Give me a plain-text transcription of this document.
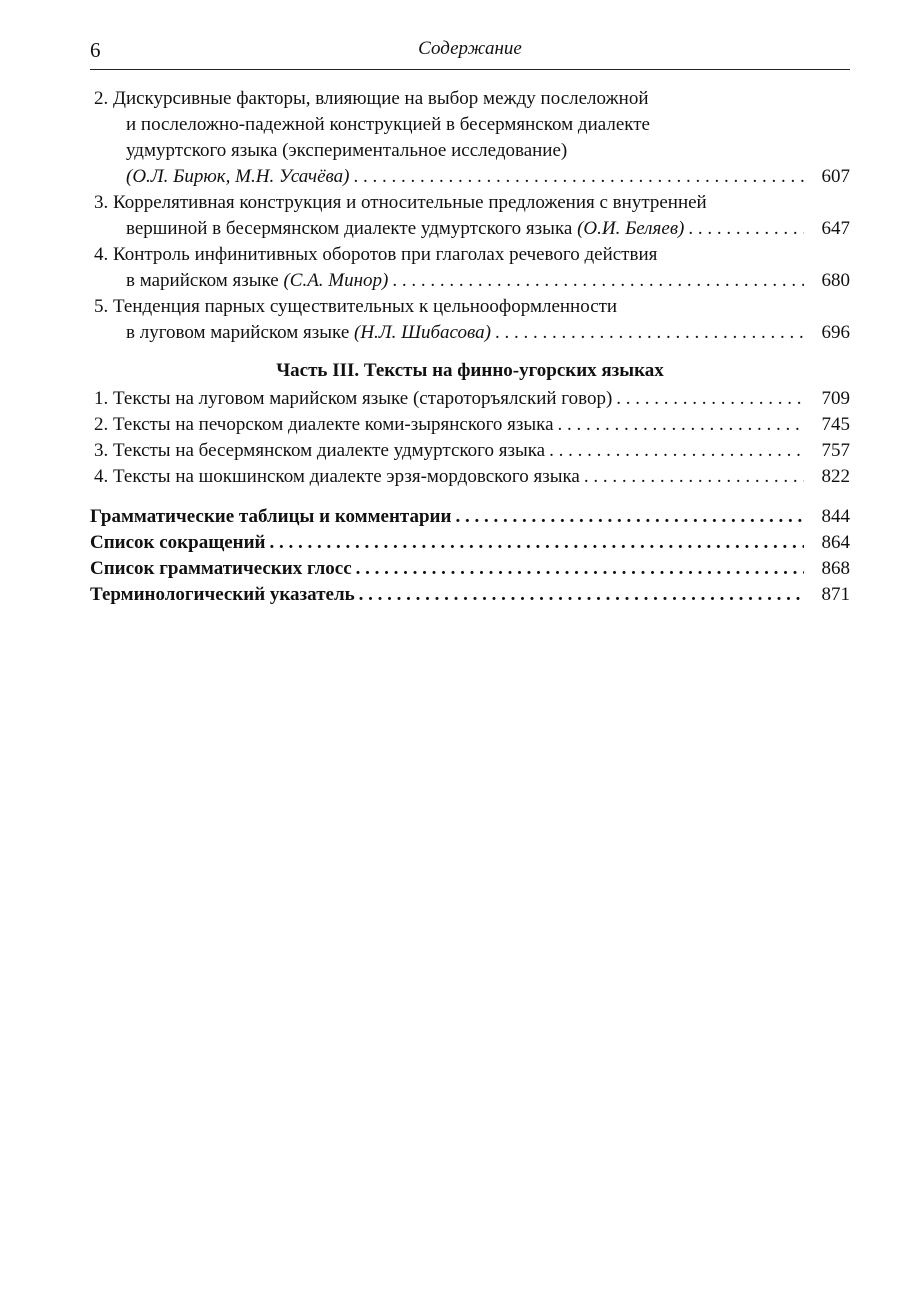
6	Содержание
2. Дискурсивные факторы, влияющие на выбор между послеложной
и послеложно-падежной конструкцией в бесермянском диалекте
удмуртского языка (экспериментальное исследование)
(О.Л. Бирюк, М.Н. Усачёва) . . .	607
3. Коррелятивная конструкция и относительные предложения с внутренней
вершиной в бесермянском диалекте удмуртского языка (О.И. Беляев) . . .	647
4. Контроль инфинитивных оборотов при глаголах речевого действия
в марийском языке (С.А. Минор) . . .	680
5. Тенденция парных существительных к цельнооформленности
в луговом марийском языке (Н.Л. Шибасова) . . .	696
Часть III. Тексты на финно-угорских языках
1. Тексты на луговом марийском языке (староторъялский говор) . . .	709
2. Тексты на печорском диалекте коми-зырянского языка . . .	745
3. Тексты на бесермянском диалекте удмуртского языка . . .	757
4. Тексты на шокшинском диалекте эрзя-мордовского языка . . .	822
Грамматические таблицы и комментарии . . .	844
Список сокращений . . .	864
Список грамматических глосс . . .	868
Терминологический указатель . . .	871
